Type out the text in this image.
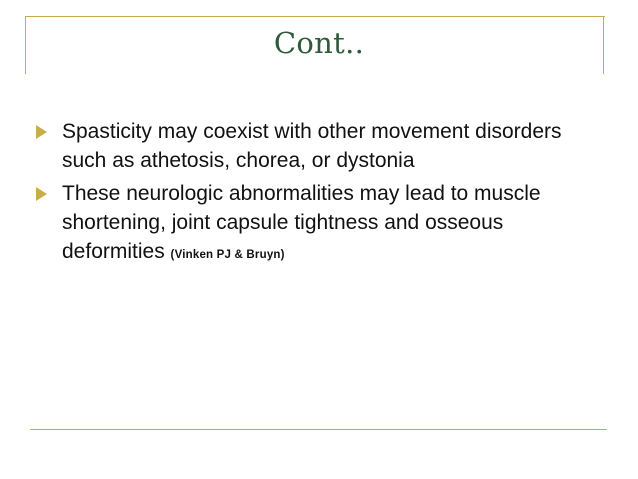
Cont..
Spasticity may coexist with other movement disorders such as athetosis, chorea, or dystonia
These neurologic abnormalities may lead to muscle shortening, joint capsule tightness and osseous deformities (Vinken PJ & Bruyn)
